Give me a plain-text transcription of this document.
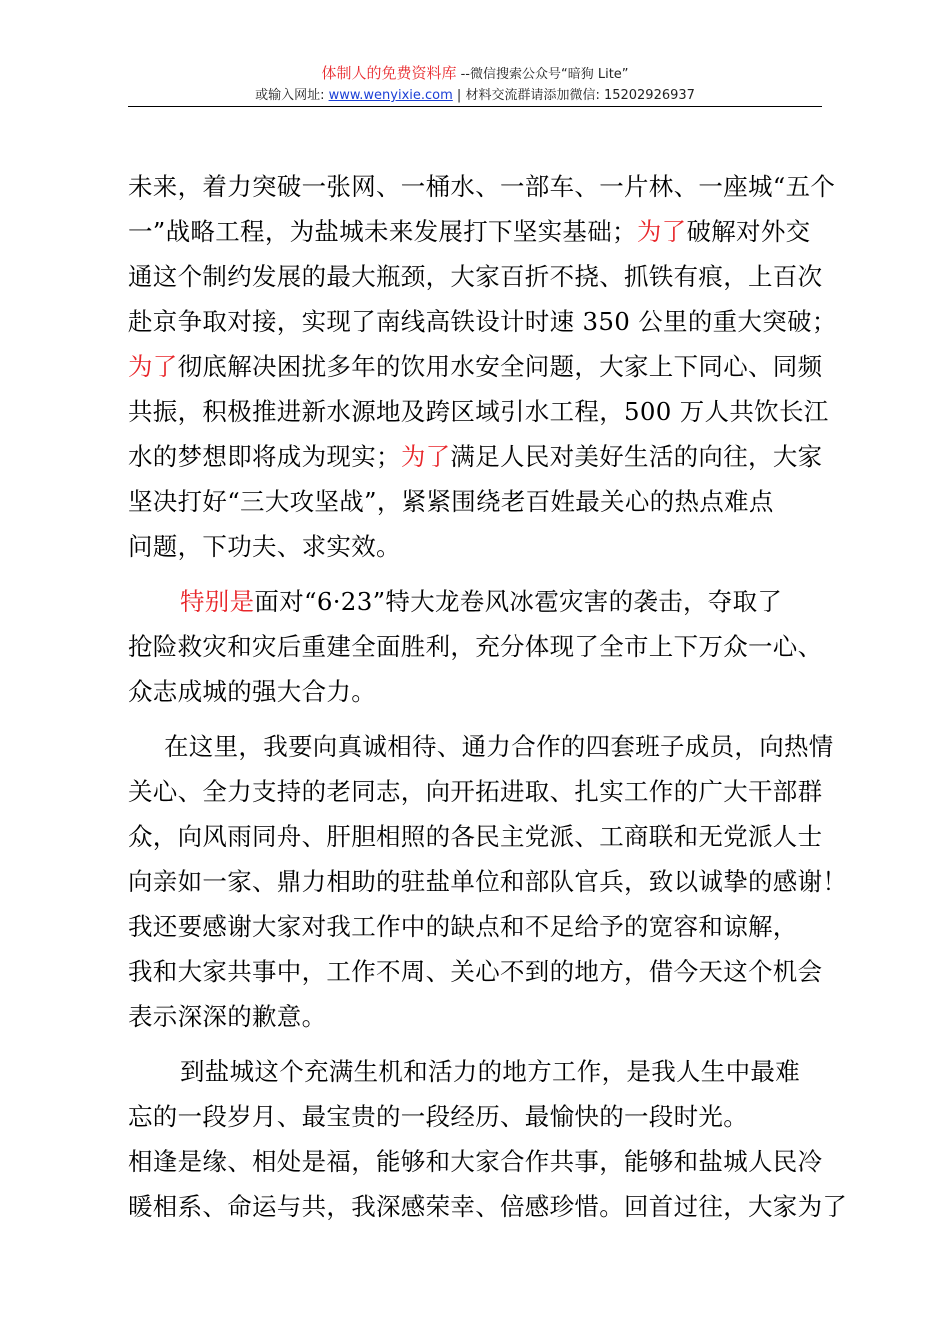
体制人的免费资料库 --微信搜索公众号“暗狗 Lite”
或输入网址: www.wenyixie.com | 材料交流群请添加微信: 15202926937

未来，着力突破一张网、一桶水、一部车、一片林、一座城“五个

一”战略工程，为盐城未来发展打下坚实基础；为了破解对外交

通这个制约发展的最大瓶颈，大家百折不挠、抓铁有痕，上百次

赴京争取对接，实现了南线高铁设计时速 350 公里的重大突破；

为了彻底解决困扰多年的饮用水安全问题，大家上下同心、同频

共振，积极推进新水源地及跨区域引水工程，500 万人共饮长江

水的梦想即将成为现实；为了满足人民对美好生活的向往，大家

坚决打好“三大攻坚战”，紧紧围绕老百姓最关心的热点难点

问题，下功夫、求实效。

特别是面对“6·23”特大龙卷风冰雹灾害的袭击，夺取了

抢险救灾和灾后重建全面胜利，充分体现了全市上下万众一心、

众志成城的强大合力。

在这里，我要向真诚相待、通力合作的四套班子成员，向热情

关心、全力支持的老同志，向开拓进取、扎实工作的广大干部群

众，向风雨同舟、肝胆相照的各民主党派、工商联和无党派人士

向亲如一家、鼎力相助的驻盐单位和部队官兵，致以诚挚的感谢！

我还要感谢大家对我工作中的缺点和不足给予的宽容和谅解，

我和大家共事中，工作不周、关心不到的地方，借今天这个机会

表示深深的歉意。

到盐城这个充满生机和活力的地方工作，是我人生中最难

忘的一段岁月、最宝贵的一段经历、最愉快的一段时光。

相逢是缘、相处是福，能够和大家合作共事，能够和盐城人民冷

暖相系、命运与共，我深感荣幸、倍感珍惜。回首过往，大家为了
